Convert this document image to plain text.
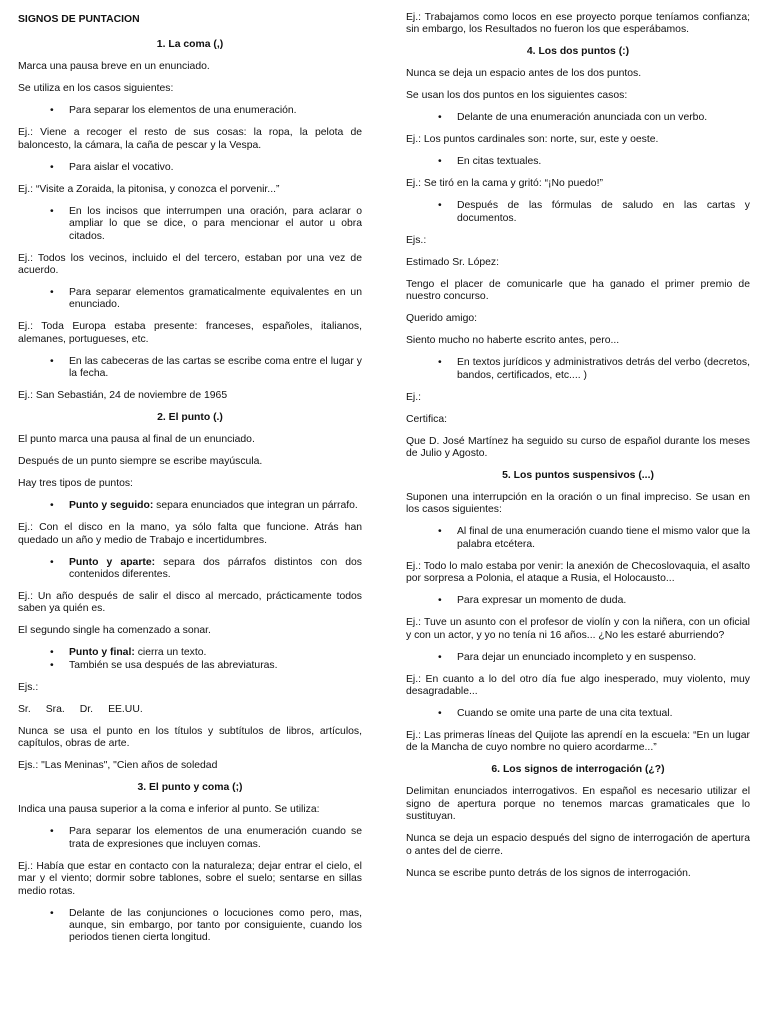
SIGNOS DE PUNTACION

1. La coma (,)

Marca una pausa breve en un enunciado.

Se utiliza en los casos siguientes:

• Para separar los elementos de una enumeración.

Ej.: Viene a recoger el resto de sus cosas: la ropa, la pelota de baloncesto, la cámara, la caña de pescar y la Vespa.

• Para aislar el vocativo.

Ej.: “Visite a Zoraida, la pitonisa, y conozca el porvenir...”

• En los incisos que interrumpen una oración, para aclarar o ampliar lo que se dice, o para mencionar el autor u obra citados.

Ej.: Todos los vecinos, incluido el del tercero, estaban por una vez de acuerdo.

• Para separar elementos gramaticalmente equivalentes en un enunciado.

Ej.: Toda Europa estaba presente: franceses, españoles, italianos, alemanes, portugueses, etc.

• En las cabeceras de las cartas se escribe coma entre el lugar y la fecha.

Ej.: San Sebastián, 24 de noviembre de 1965

2. El punto (.)

El punto marca una pausa al final de un enunciado.

Después de un punto siempre se escribe mayúscula.

Hay tres tipos de puntos:

• Punto y seguido: separa enunciados que integran un párrafo.

Ej.: Con el disco en la mano, ya sólo falta que funcione. Atrás han quedado un año y medio de Trabajo e incertidumbres.

• Punto y aparte: separa dos párrafos distintos con dos contenidos diferentes.

Ej.: Un año después de salir el disco al mercado, prácticamente todos saben ya quién es.

El segundo single ha comenzado a sonar.

• Punto y final: cierra un texto.
• También se usa después de las abreviaturas.

Ejs.:

Sr. Sra. Dr. EE.UU.

Nunca se usa el punto en los títulos y subtítulos de libros, artículos, capítulos, obras de arte.

Ejs.: "Las Meninas", "Cien años de soledad

3. El punto y coma (;)

Indica una pausa superior a la coma e inferior al punto. Se utiliza:

• Para separar los elementos de una enumeración cuando se trata de expresiones que incluyen comas.

Ej.: Había que estar en contacto con la naturaleza; dejar entrar el cielo, el mar y el viento; dormir sobre tablones, sobre el suelo; sentarse en sillas medio rotas.

• Delante de las conjunciones o locuciones como pero, mas, aunque, sin embargo, por tanto por consiguiente, cuando los periodos tienen cierta longitud.

Ej.: Trabajamos como locos en ese proyecto porque teníamos confianza; sin embargo, los Resultados no fueron los que esperábamos.

4. Los dos puntos (:)

Nunca se deja un espacio antes de los dos puntos.

Se usan los dos puntos en los siguientes casos:

• Delante de una enumeración anunciada con un verbo.

Ej.: Los puntos cardinales son: norte, sur, este y oeste.

• En citas textuales.

Ej.: Se tiró en la cama y gritó: “¡No puedo!”

• Después de las fórmulas de saludo en las cartas y documentos.

Ejs.:

Estimado Sr. López:

Tengo el placer de comunicarle que ha ganado el primer premio de nuestro concurso.

Querido amigo:

Siento mucho no haberte escrito antes, pero...

• En textos jurídicos y administrativos detrás del verbo (decretos, bandos, certificados, etc.... )

Ej.:

Certifica:

Que D. José Martínez ha seguido su curso de español durante los meses de Julio y Agosto.

5. Los puntos suspensivos (...)

Suponen una interrupción en la oración o un final impreciso. Se usan en los casos siguientes:

• Al final de una enumeración cuando tiene el mismo valor que la palabra etcétera.

Ej.: Todo lo malo estaba por venir: la anexión de Checoslovaquia, el asalto por sorpresa a Polonia, el ataque a Rusia, el Holocausto...

• Para expresar un momento de duda.

Ej.: Tuve un asunto con el profesor de violín y con la niñera, con un oficial y con un actor, y yo no tenía ni 16 años... ¿No les estaré aburriendo?

• Para dejar un enunciado incompleto y en suspenso.

Ej.: En cuanto a lo del otro día fue algo inesperado, muy violento, muy desagradable...

• Cuando se omite una parte de una cita textual.

Ej.: Las primeras líneas del Quijote las aprendí en la escuela: “En un lugar de la Mancha de cuyo nombre no quiero acordarme...”

6. Los signos de interrogación (¿?)

Delimitan enunciados interrogativos. En español es necesario utilizar el signo de apertura porque no tenemos marcas gramaticales que lo sustituyan.

Nunca se deja un espacio después del signo de interrogación de apertura o antes del de cierre.

Nunca se escribe punto detrás de los signos de interrogación.
